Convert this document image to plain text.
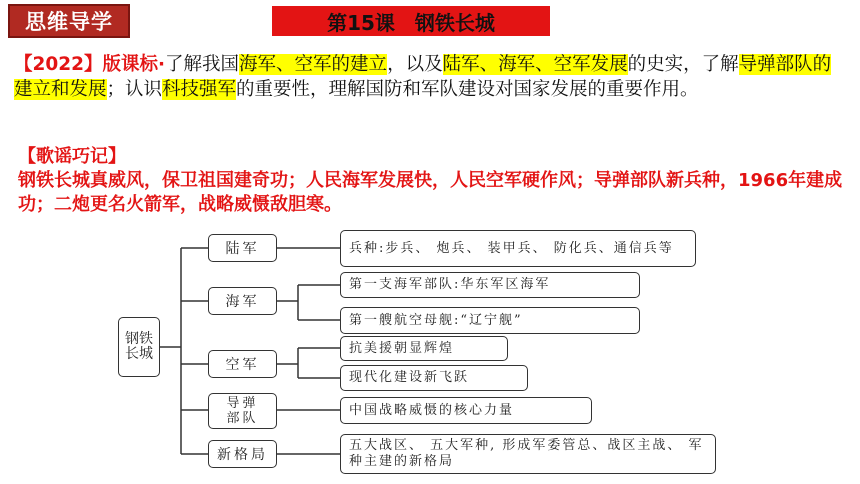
思维导学	第15课　钢铁长城
【2022】版课标·了解我国海军、空军的建立，以及陆军、海军、空军发展的史实，了解导弹部队的建立和发展；认识科技强军的重要性，理解国防和军队建设对国家发展的重要作用。
【歌谣巧记】
钢铁长城真威风，保卫祖国建奇功；人民海军发展快，人民空军硬作风；导弹部队新兵种，1966年建成功；二炮更名火箭军，战略威慑敌胆寒。
钢铁长城
陆军
海军
空军
导弹部队
新格局
兵种:步兵、 炮兵、 装甲兵、 防化兵、通信兵等
第一支海军部队:华东军区海军
第一艘航空母舰:“辽宁舰”
抗美援朝显辉煌
现代化建设新飞跃
中国战略威慑的核心力量
五大战区、 五大军种, 形成军委管总、战区主战、 军种主建的新格局
